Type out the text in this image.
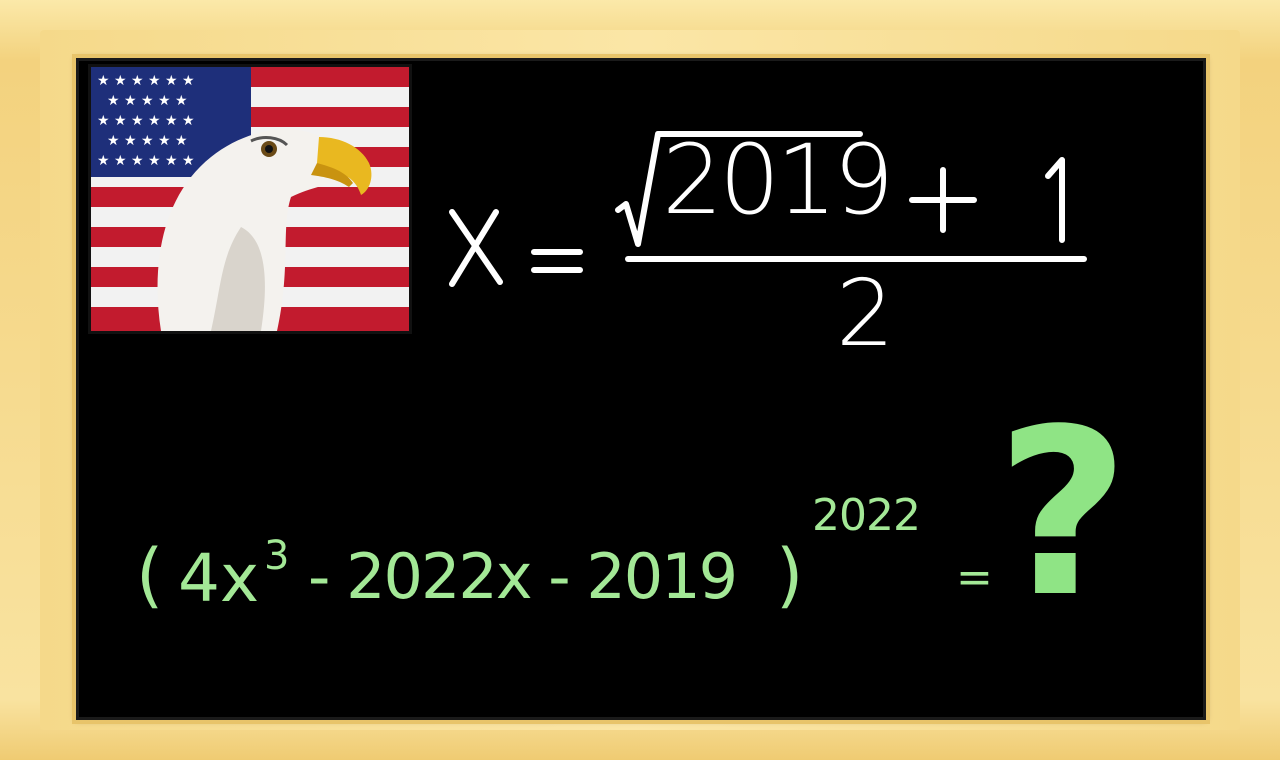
★ ★ ★ ★ ★ ★
★ ★ ★ ★ ★
★ ★ ★ ★ ★ ★
★ ★ ★ ★ ★
★ ★ ★ ★ ★ ★	2019
2
( 4x 3 - 2022x - 2019 )
2022
= ?
